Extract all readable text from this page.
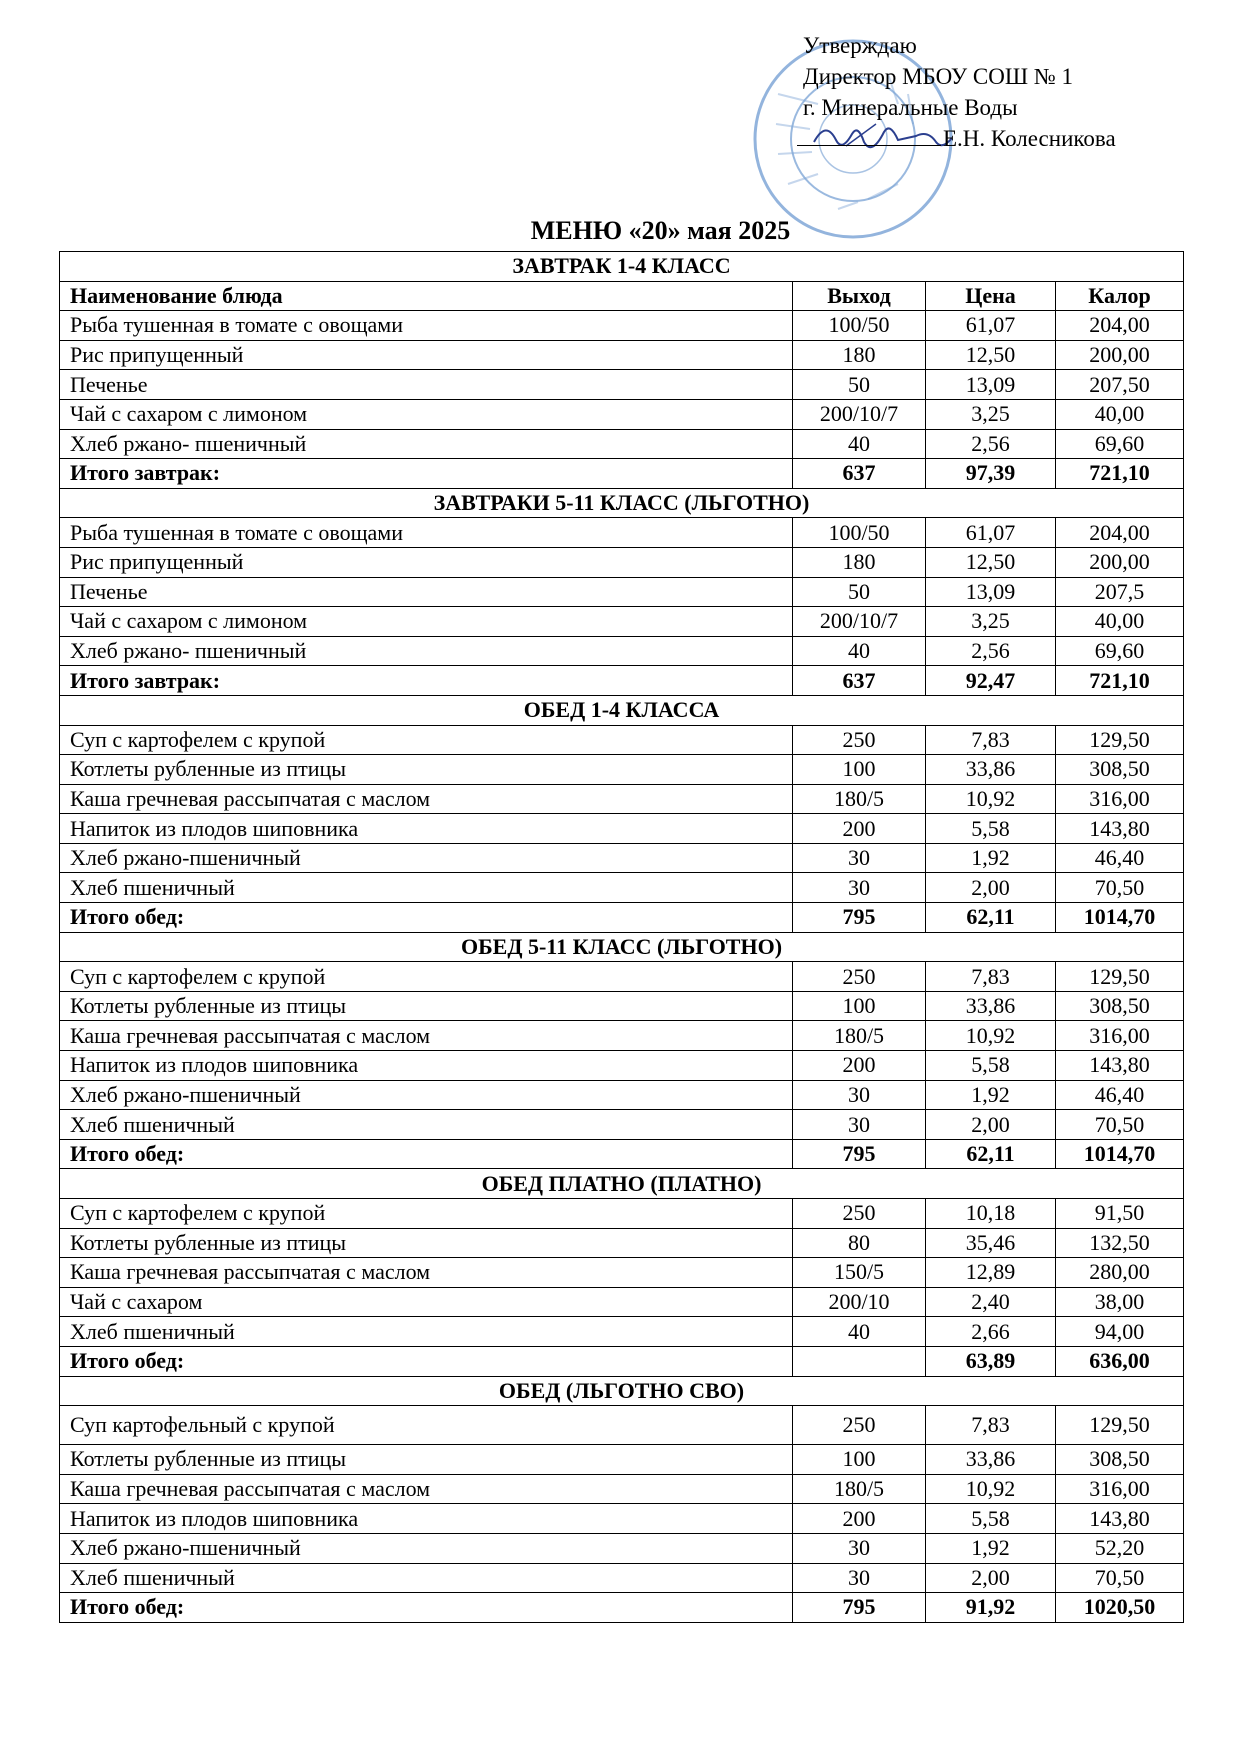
Утверждаю
Директор МБОУ СОШ № 1
г. Минеральные Воды
Е.Н. Колесникова
МЕНЮ «20» мая 2025
ЗАВТРАК 1-4 КЛАСС			
Наименование блюда	Выход	Цена	Калор
Рыба тушенная в томате с овощами	100/50	61,07	204,00
Рис припущенный	180	12,50	200,00
Печенье	50	13,09	207,50
Чай с сахаром с лимоном	200/10/7	3,25	40,00
Хлеб ржано- пшеничный	40	2,56	69,60
Итого завтрак:	637	97,39	721,10
ЗАВТРАКИ 5-11 КЛАСС (ЛЬГОТНО)			
Рыба тушенная в томате с овощами	100/50	61,07	204,00
Рис припущенный	180	12,50	200,00
Печенье	50	13,09	207,5
Чай с сахаром с лимоном	200/10/7	3,25	40,00
Хлеб ржано- пшеничный	40	2,56	69,60
Итого завтрак:	637	92,47	721,10
ОБЕД 1-4 КЛАССА			
Суп с картофелем с крупой	250	7,83	129,50
Котлеты рубленные из птицы	100	33,86	308,50
Каша гречневая рассыпчатая с маслом	180/5	10,92	316,00
Напиток из плодов шиповника	200	5,58	143,80
Хлеб ржано-пшеничный	30	1,92	46,40
Хлеб пшеничный	30	2,00	70,50
Итого обед:	795	62,11	1014,70
ОБЕД 5-11 КЛАСС (ЛЬГОТНО)			
Суп с картофелем с крупой	250	7,83	129,50
Котлеты рубленные из птицы	100	33,86	308,50
Каша гречневая рассыпчатая с маслом	180/5	10,92	316,00
Напиток из плодов шиповника	200	5,58	143,80
Хлеб ржано-пшеничный	30	1,92	46,40
Хлеб пшеничный	30	2,00	70,50
Итого обед:	795	62,11	1014,70
ОБЕД ПЛАТНО (ПЛАТНО)			
Суп с картофелем с крупой	250	10,18	91,50
Котлеты рубленные из птицы	80	35,46	132,50
Каша гречневая рассыпчатая с маслом	150/5	12,89	280,00
Чай с сахаром	200/10	2,40	38,00
Хлеб пшеничный	40	2,66	94,00
Итого обед:		63,89	636,00
ОБЕД (ЛЬГОТНО СВО)			
Суп картофельный с крупой	250	7,83	129,50
Котлеты рубленные из птицы	100	33,86	308,50
Каша гречневая рассыпчатая с маслом	180/5	10,92	316,00
Напиток из плодов шиповника	200	5,58	143,80
Хлеб ржано-пшеничный	30	1,92	52,20
Хлеб пшеничный	30	2,00	70,50
Итого обед:	795	91,92	1020,50
